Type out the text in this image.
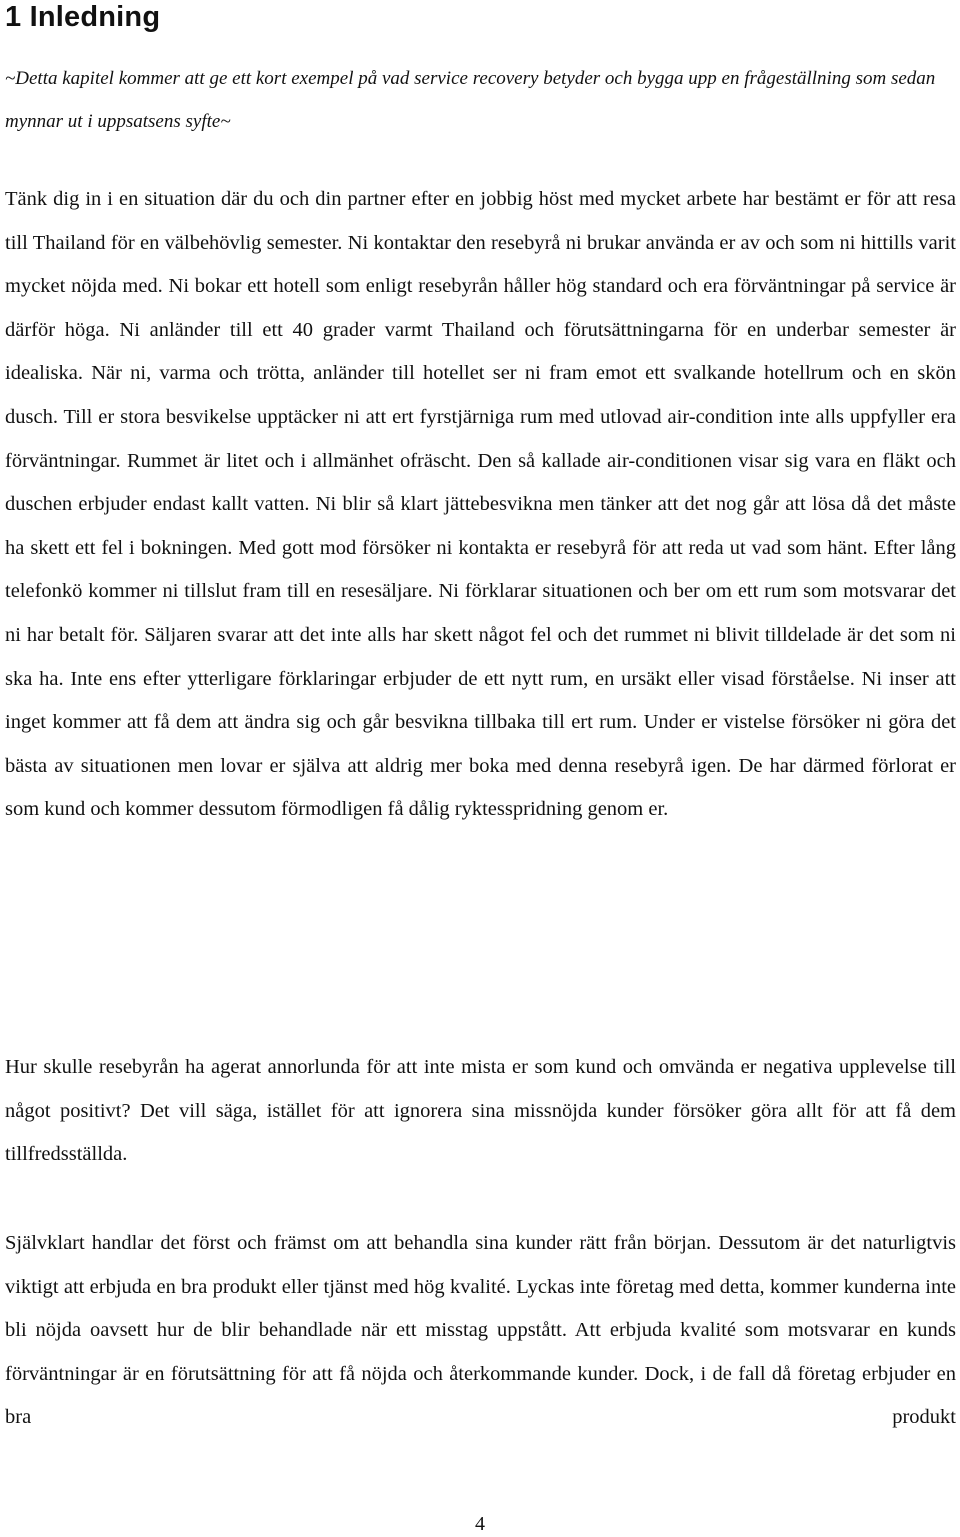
1 Inledning

~Detta kapitel kommer att ge ett kort exempel på vad service recovery betyder och bygga upp en frågeställning som sedan mynnar ut i uppsatsens syfte~

Tänk dig in i en situation där du och din partner efter en jobbig höst med mycket arbete har bestämt er för att resa till Thailand för en välbehövlig semester. Ni kontaktar den resebyrå ni brukar använda er av och som ni hittills varit mycket nöjda med. Ni bokar ett hotell som enligt resebyrån håller hög standard och era förväntningar på service är därför höga. Ni anländer till ett 40 grader varmt Thailand och förutsättningarna för en underbar semester är idealiska. När ni, varma och trötta, anländer till hotellet ser ni fram emot ett svalkande hotellrum och en skön dusch. Till er stora besvikelse upptäcker ni att ert fyrstjärniga rum med utlovad air-condition inte alls uppfyller era förväntningar. Rummet är litet och i allmänhet ofräscht. Den så kallade air-conditionen visar sig vara en fläkt och duschen erbjuder endast kallt vatten. Ni blir så klart jättebesvikna men tänker att det nog går att lösa då det måste ha skett ett fel i bokningen. Med gott mod försöker ni kontakta er resebyrå för att reda ut vad som hänt. Efter lång telefonkö kommer ni tillslut fram till en resesäljare. Ni förklarar situationen och ber om ett rum som motsvarar det ni har betalt för. Säljaren svarar att det inte alls har skett något fel och det rummet ni blivit tilldelade är det som ni ska ha. Inte ens efter ytterligare förklaringar erbjuder de ett nytt rum, en ursäkt eller visad förståelse. Ni inser att inget kommer att få dem att ändra sig och går besvikna tillbaka till ert rum. Under er vistelse försöker ni göra det bästa av situationen men lovar er själva att aldrig mer boka med denna resebyrå igen. De har därmed förlorat er som kund och kommer dessutom förmodligen få dålig ryktesspridning genom er.

Hur skulle resebyrån ha agerat annorlunda för att inte mista er som kund och omvända er negativa upplevelse till något positivt? Det vill säga, istället för att ignorera sina missnöjda kunder försöker göra allt för att få dem tillfredsställda.

Självklart handlar det först och främst om att behandla sina kunder rätt från början. Dessutom är det naturligtvis viktigt att erbjuda en bra produkt eller tjänst med hög kvalité. Lyckas inte företag med detta, kommer kunderna inte bli nöjda oavsett hur de blir behandlade när ett misstag uppstått. Att erbjuda kvalité som motsvarar en kunds förväntningar är en förutsättning för att få nöjda och återkommande kunder. Dock, i de fall då företag erbjuder en bra produkt

4
